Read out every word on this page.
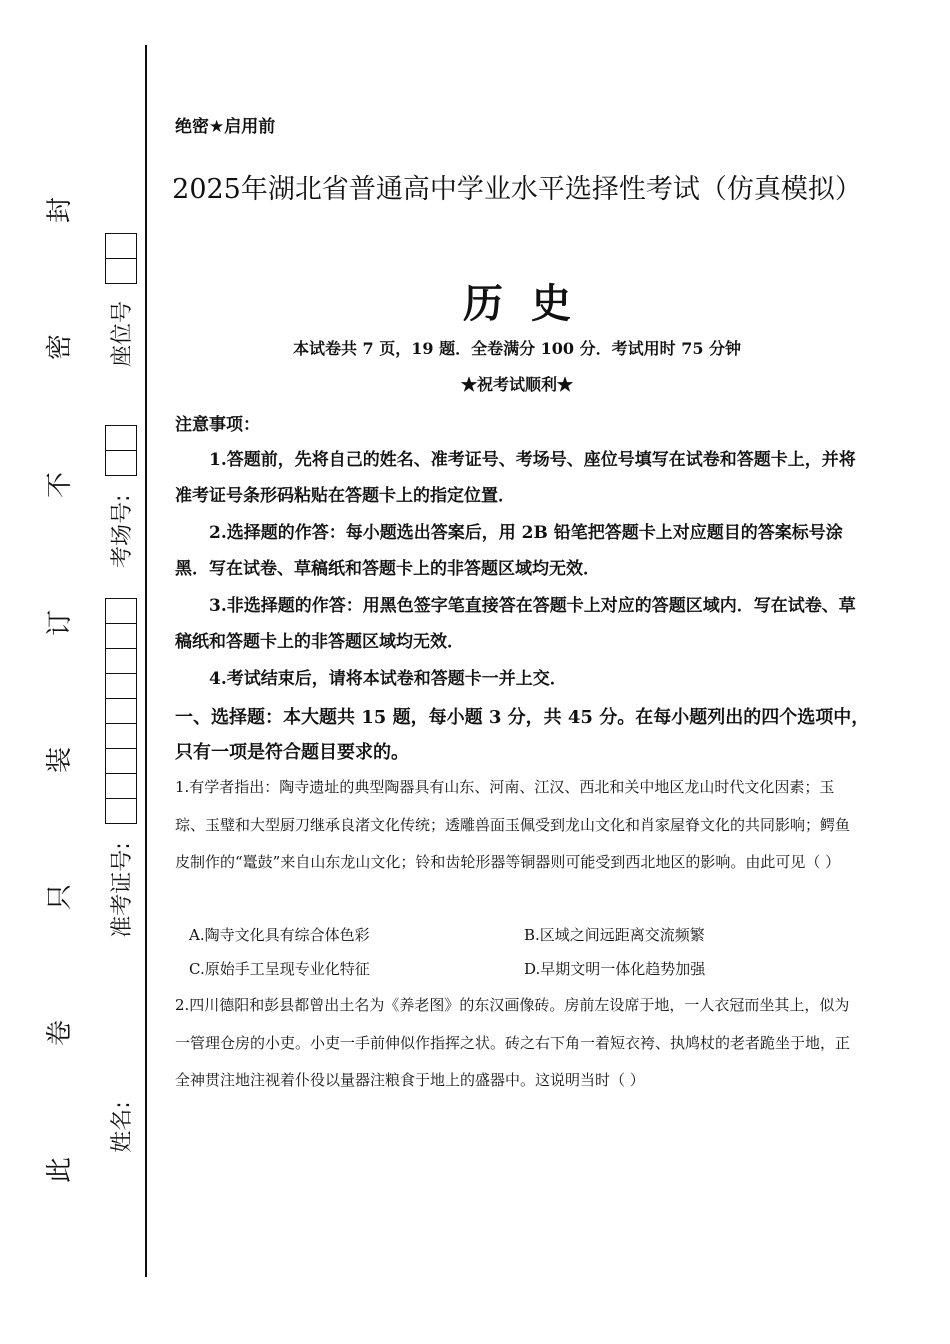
封
密
不
订
装
只
卷
此
座位号
考场号:
准考证号:
姓名:
绝密★启用前
2025年湖北省普通高中学业水平选择性考试（仿真模拟）
历史
本试卷共 7 页，19 题．全卷满分 100 分．考试用时 75 分钟
★祝考试顺利★
注意事项：
1.答题前，先将自己的姓名、准考证号、考场号、座位号填写在试卷和答题卡上，并将准考证号条形码粘贴在答题卡上的指定位置．
2.选择题的作答：每小题选出答案后，用 2B 铅笔把答题卡上对应题目的答案标号涂黑．写在试卷、草稿纸和答题卡上的非答题区域均无效．
3.非选择题的作答：用黑色签字笔直接答在答题卡上对应的答题区域内．写在试卷、草稿纸和答题卡上的非答题区域均无效．
4.考试结束后，请将本试卷和答题卡一并上交．
一、选择题：本大题共 15 题，每小题 3 分，共 45 分。在每小题列出的四个选项中，只有一项是符合题目要求的。
1.有学者指出：陶寺遗址的典型陶器具有山东、河南、江汉、西北和关中地区龙山时代文化因素；玉琮、玉璧和大型厨刀继承良渚文化传统；透雕兽面玉佩受到龙山文化和肖家屋脊文化的共同影响；鳄鱼皮制作的“鼍鼓”来自山东龙山文化；铃和齿轮形器等铜器则可能受到西北地区的影响。由此可见（ ）
A.陶寺文化具有综合体色彩	B.区域之间远距离交流频繁
C.原始手工呈现专业化特征	D.早期文明一体化趋势加强
2.四川德阳和彭县都曾出土名为《养老图》的东汉画像砖。房前左设席于地，一人衣冠而坐其上，似为一管理仓房的小吏。小吏一手前伸似作指挥之状。砖之右下角一着短衣袴、执鸠杖的老者跪坐于地，正全神贯注地注视着仆役以量器注粮食于地上的盛器中。这说明当时（ ）
